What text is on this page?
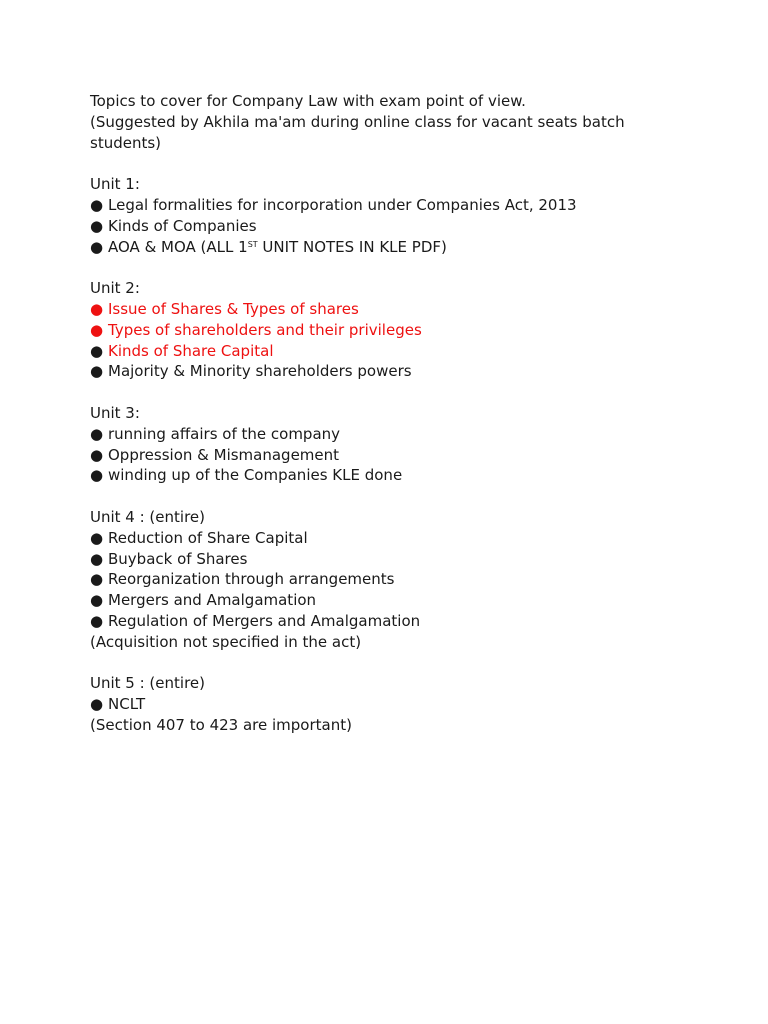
Topics to cover for Company Law with exam point of view.
(Suggested by Akhila ma'am during online class for vacant seats batch
students)
Unit 1:
● Legal formalities for incorporation under Companies Act, 2013
● Kinds of Companies
● AOA & MOA (ALL 1ST UNIT NOTES IN KLE PDF)
Unit 2:
● Issue of Shares & Types of shares
● Types of shareholders and their privileges
● Kinds of Share Capital
● Majority & Minority shareholders powers
Unit 3:
● running affairs of the company
● Oppression & Mismanagement
● winding up of the Companies KLE done
Unit 4 : (entire)
● Reduction of Share Capital
● Buyback of Shares
● Reorganization through arrangements
● Mergers and Amalgamation
● Regulation of Mergers and Amalgamation
(Acquisition not specified in the act)
Unit 5 : (entire)
● NCLT
(Section 407 to 423 are important)
